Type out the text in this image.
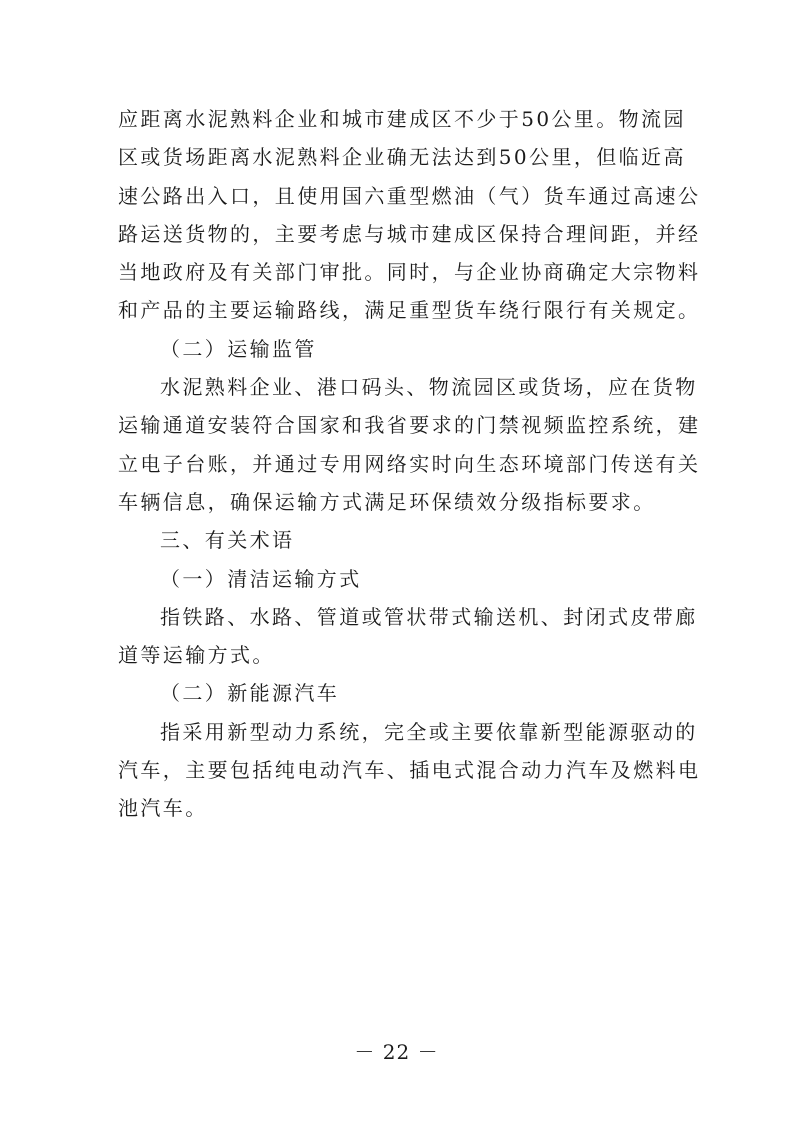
应距离水泥熟料企业和城市建成区不少于50公里。物流园
区或货场距离水泥熟料企业确无法达到50公里，但临近高
速公路出入口，且使用国六重型燃油（气）货车通过高速公
路运送货物的，主要考虑与城市建成区保持合理间距，并经
当地政府及有关部门审批。同时，与企业协商确定大宗物料
和产品的主要运输路线，满足重型货车绕行限行有关规定。
（二）运输监管
水泥熟料企业、港口码头、物流园区或货场，应在货物
运输通道安装符合国家和我省要求的门禁视频监控系统，建
立电子台账，并通过专用网络实时向生态环境部门传送有关
车辆信息，确保运输方式满足环保绩效分级指标要求。
三、有关术语
（一）清洁运输方式
指铁路、水路、管道或管状带式输送机、封闭式皮带廊
道等运输方式。
（二）新能源汽车
指采用新型动力系统，完全或主要依靠新型能源驱动的
汽车，主要包括纯电动汽车、插电式混合动力汽车及燃料电
池汽车。
－ 22 －
